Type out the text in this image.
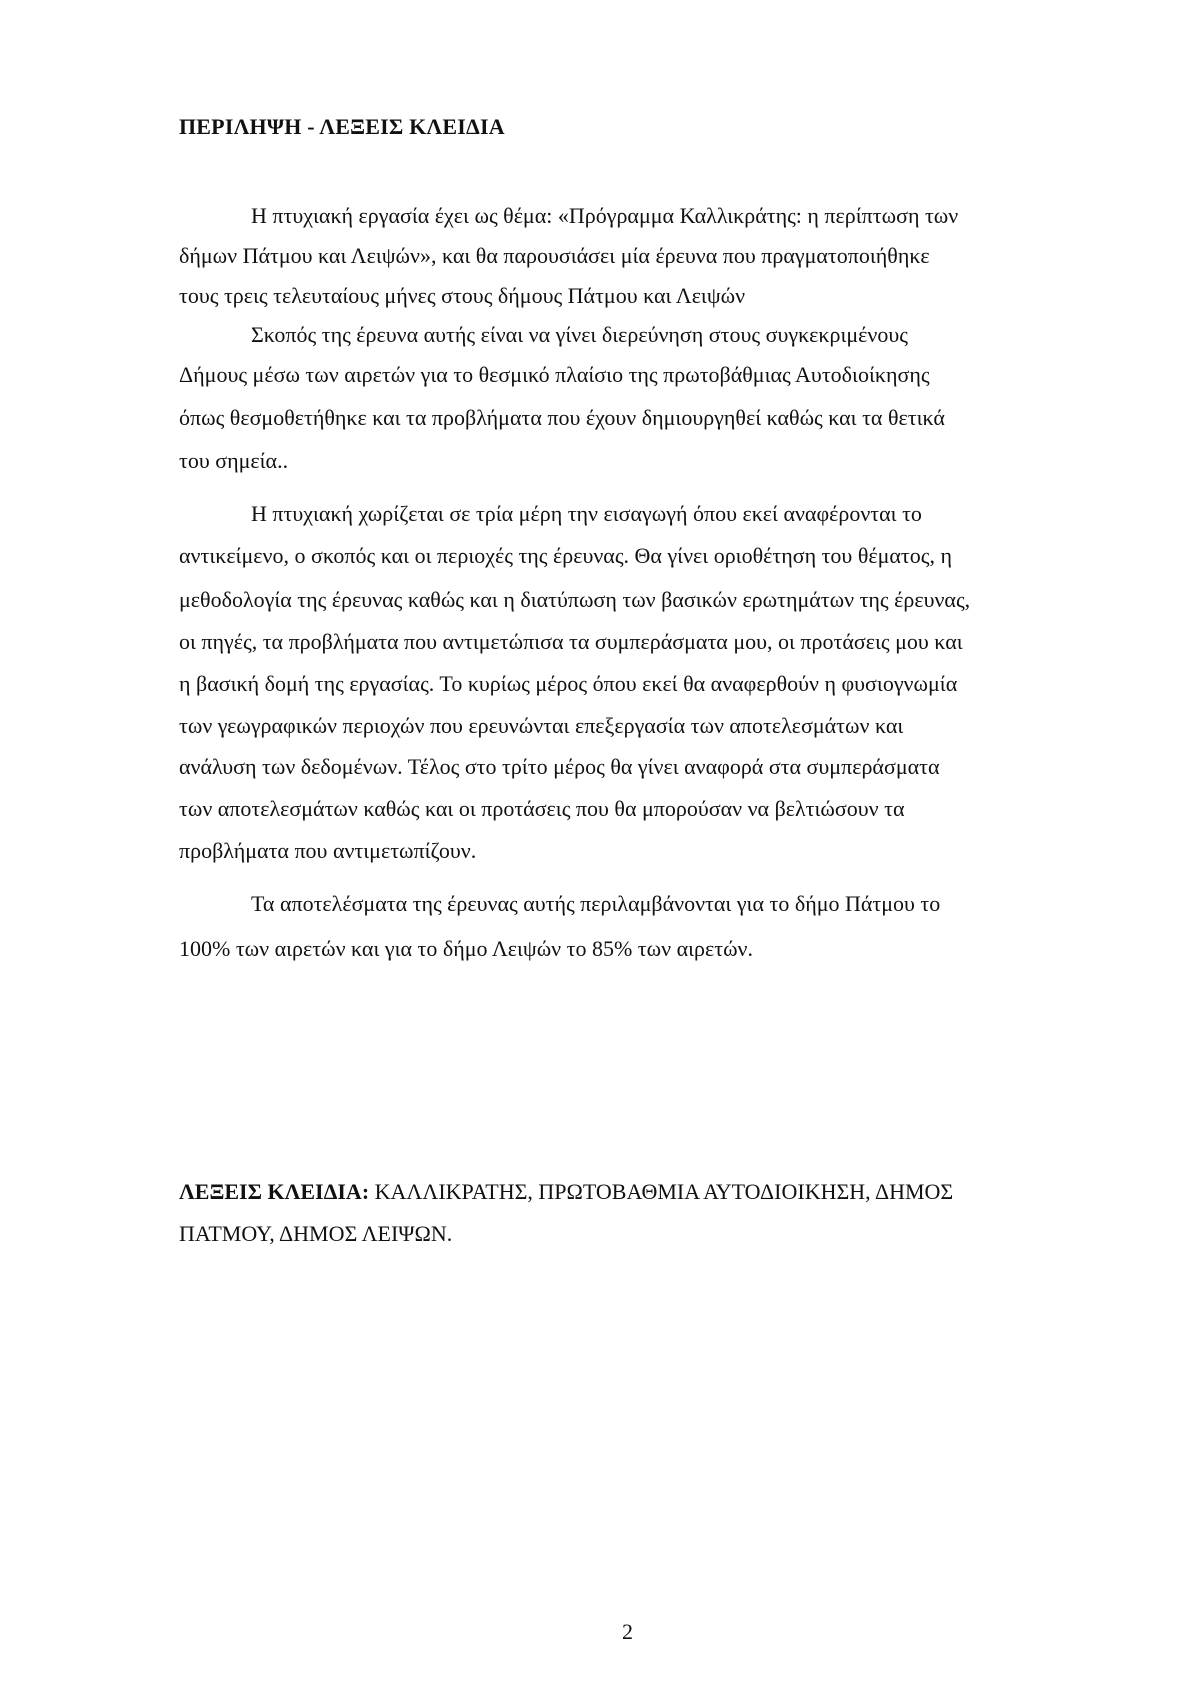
ΠΕΡΙΛΗΨΗ - ΛΕΞΕΙΣ ΚΛΕΙΔΙΑ
Η πτυχιακή εργασία έχει ως θέμα: «Πρόγραμμα Καλλικράτης: η περίπτωση των
δήμων Πάτμου και Λειψών», και θα παρουσιάσει μία έρευνα που πραγματοποιήθηκε
τους τρεις τελευταίους μήνες στους δήμους Πάτμου και Λειψών
Σκοπός της έρευνα αυτής είναι να γίνει διερεύνηση στους συγκεκριμένους
Δήμους μέσω των αιρετών για το θεσμικό πλαίσιο της πρωτοβάθμιας Αυτοδιοίκησης
όπως θεσμοθετήθηκε και τα προβλήματα που έχουν δημιουργηθεί καθώς και τα θετικά
του σημεία..
Η πτυχιακή χωρίζεται σε τρία μέρη την εισαγωγή όπου εκεί αναφέρονται το
αντικείμενο, ο σκοπός και οι περιοχές της έρευνας. Θα γίνει οριοθέτηση του θέματος, η
μεθοδολογία της έρευνας καθώς και η διατύπωση των βασικών ερωτημάτων της έρευνας,
οι πηγές, τα προβλήματα που αντιμετώπισα τα συμπεράσματα μου, οι προτάσεις μου και
η βασική δομή της εργασίας. Το κυρίως μέρος όπου εκεί θα αναφερθούν η φυσιογνωμία
των γεωγραφικών περιοχών που ερευνώνται επεξεργασία των αποτελεσμάτων και
ανάλυση των δεδομένων. Τέλος στο τρίτο μέρος θα γίνει αναφορά στα συμπεράσματα
των αποτελεσμάτων καθώς και οι προτάσεις που θα μπορούσαν να βελτιώσουν τα
προβλήματα που αντιμετωπίζουν.
Τα αποτελέσματα της έρευνας αυτής περιλαμβάνονται για το δήμο Πάτμου το
100% των αιρετών και για το δήμο Λειψών το 85% των αιρετών.
ΛΕΞΕΙΣ ΚΛΕΙΔΙΑ: ΚΑΛΛΙΚΡΑΤΗΣ, ΠΡΩΤΟΒΑΘΜΙΑ ΑΥΤΟΔΙΟΙΚΗΣΗ, ΔΗΜΟΣ
ΠΑΤΜΟΥ, ΔΗΜΟΣ ΛΕΙΨΩΝ.
2
